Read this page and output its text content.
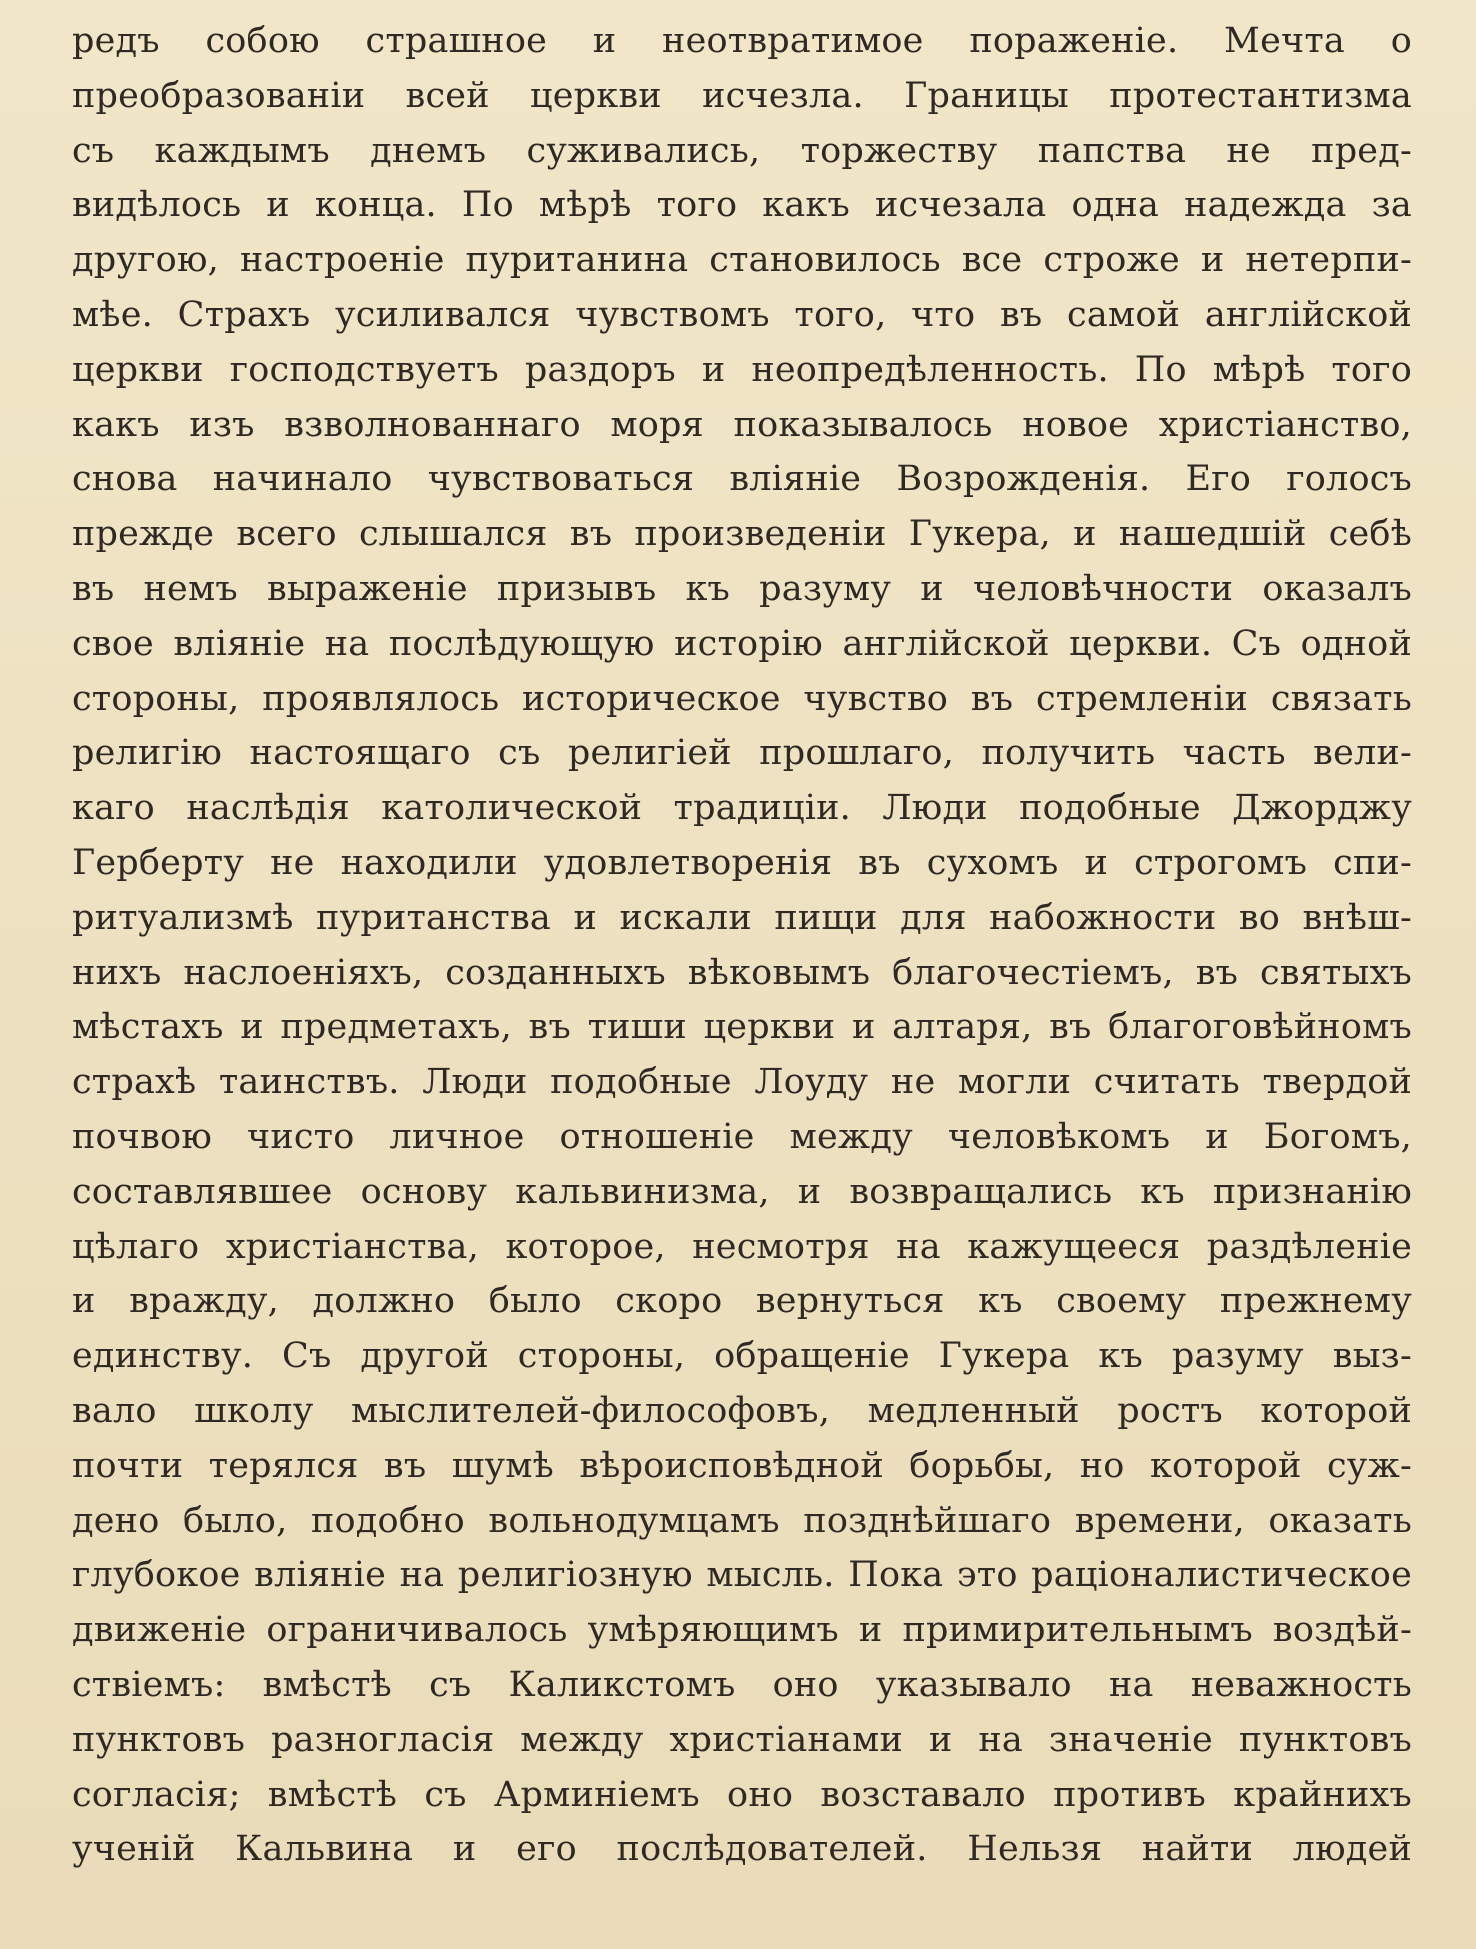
редъ собою страшное и неотвратимое пораженіе. Мечта о
преобразованіи всей церкви исчезла. Границы протестантизма
съ каждымъ днемъ суживались, торжеству папства не пред-
видѣлось и конца. По мѣрѣ того какъ исчезала одна надежда за
другою, настроеніе пуританина становилось все строже и нетерпи-
мѣе. Страхъ усиливался чувствомъ того, что въ самой англійской
церкви господствуетъ раздоръ и неопредѣленность. По мѣрѣ того
какъ изъ взволнованнаго моря показывалось новое христіанство,
снова начинало чувствоваться вліяніе Возрожденія. Его голосъ
прежде всего слышался въ произведеніи Гукера, и нашедшій себѣ
въ немъ выраженіе призывъ къ разуму и человѣчности оказалъ
свое вліяніе на послѣдующую исторію англійской церкви. Съ одной
стороны, проявлялось историческое чувство въ стремленіи связать
религію настоящаго съ религіей прошлаго, получить часть вели-
каго наслѣдія католической традиціи. Люди подобные Джорджу
Герберту не находили удовлетворенія въ сухомъ и строгомъ спи-
ритуализмѣ пуританства и искали пищи для набожности во внѣш-
нихъ наслоеніяхъ, созданныхъ вѣковымъ благочестіемъ, въ святыхъ
мѣстахъ и предметахъ, въ тиши церкви и алтаря, въ благоговѣйномъ
страхѣ таинствъ. Люди подобные Лоуду не могли считать твердой
почвою чисто личное отношеніе между человѣкомъ и Богомъ,
составлявшее основу кальвинизма, и возвращались къ признанію
цѣлаго христіанства, которое, несмотря на кажущееся раздѣленіе
и вражду, должно было скоро вернуться къ своему прежнему
единству. Съ другой стороны, обращеніе Гукера къ разуму выз-
вало школу мыслителей-философовъ, медленный ростъ которой
почти терялся въ шумѣ вѣроисповѣдной борьбы, но которой суж-
дено было, подобно вольнодумцамъ позднѣйшаго времени, оказать
глубокое вліяніе на религіозную мысль. Пока это раціоналистическое
движеніе ограничивалось умѣряющимъ и примирительнымъ воздѣй-
ствіемъ: вмѣстѣ съ Каликстомъ оно указывало на неважность
пунктовъ разногласія между христіанами и на значеніе пунктовъ
согласія; вмѣстѣ съ Арминіемъ оно возставало противъ крайнихъ
ученій Кальвина и его послѣдователей. Нельзя найти людей
